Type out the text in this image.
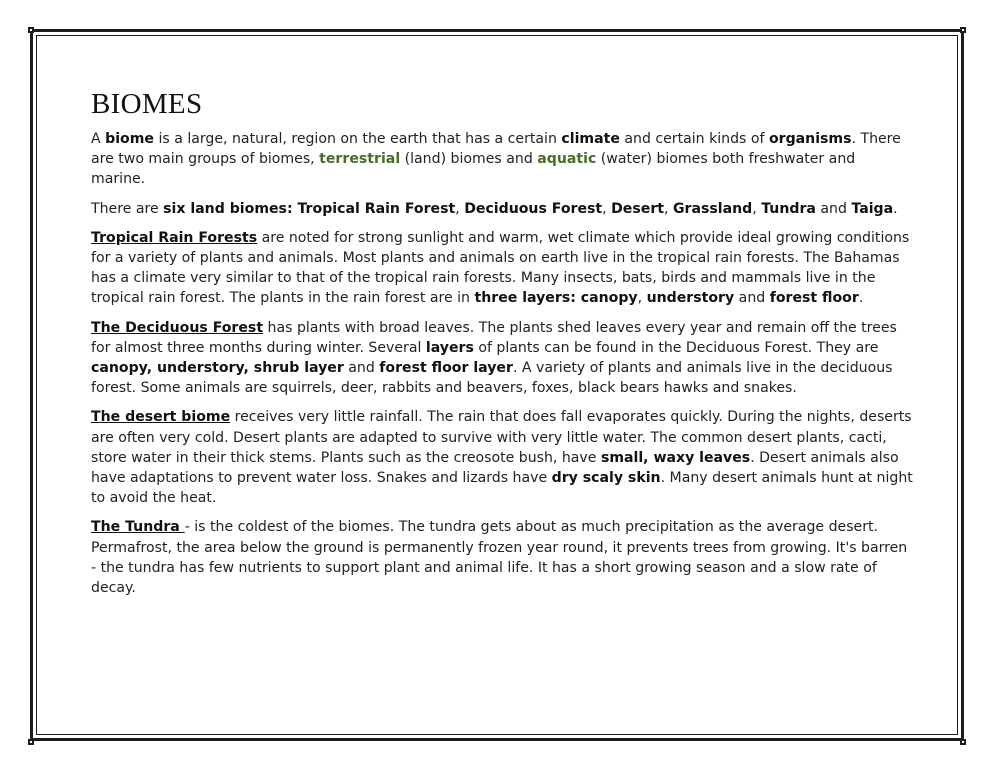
BIOMES

A biome is a large, natural, region on the earth that has a certain climate and certain kinds of organisms. There are two main groups of biomes, terrestrial (land) biomes and aquatic (water) biomes both freshwater and marine.

There are six land biomes: Tropical Rain Forest, Deciduous Forest, Desert, Grassland, Tundra and Taiga.

Tropical Rain Forests are noted for strong sunlight and warm, wet climate which provide ideal growing conditions for a variety of plants and animals. Most plants and animals on earth live in the tropical rain forests. The Bahamas has a climate very similar to that of the tropical rain forests. Many insects, bats, birds and mammals live in the tropical rain forest. The plants in the rain forest are in three layers: canopy, understory and forest floor.

The Deciduous Forest has plants with broad leaves. The plants shed leaves every year and remain off the trees for almost three months during winter. Several layers of plants can be found in the Deciduous Forest. They are canopy, understory, shrub layer and forest floor layer. A variety of plants and animals live in the deciduous forest. Some animals are squirrels, deer, rabbits and beavers, foxes, black bears hawks and snakes.

The desert biome receives very little rainfall. The rain that does fall evaporates quickly. During the nights, deserts are often very cold. Desert plants are adapted to survive with very little water. The common desert plants, cacti, store water in their thick stems. Plants such as the creosote bush, have small, waxy leaves. Desert animals also have adaptations to prevent water loss. Snakes and lizards have dry scaly skin. Many desert animals hunt at night to avoid the heat.

The Tundra - is the coldest of the biomes. The tundra gets about as much precipitation as the average desert. Permafrost, the area below the ground is permanently frozen year round, it prevents trees from growing. It's barren - the tundra has few nutrients to support plant and animal life. It has a short growing season and a slow rate of decay.
